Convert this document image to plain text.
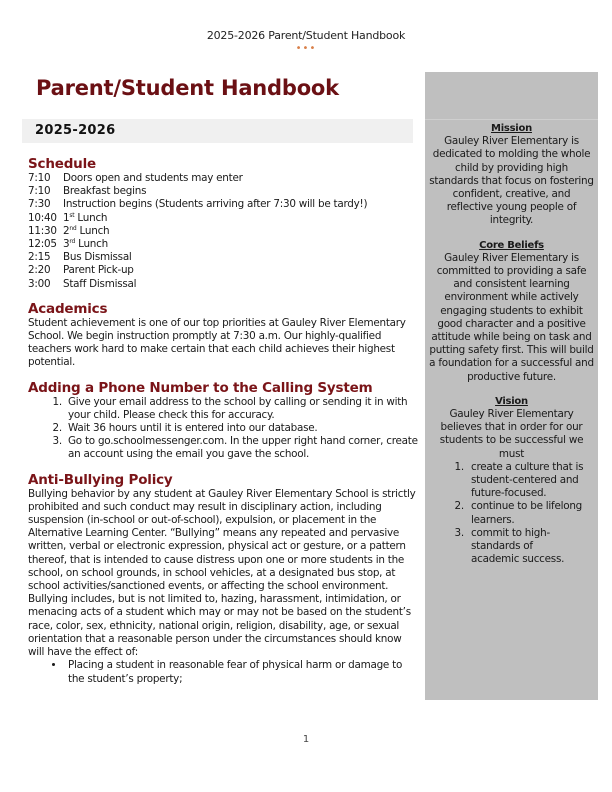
2025-2026 Parent/Student Handbook
•••
Parent/Student Handbook
2025-2026
Schedule
7:10	Doors open and students may enter
7:10	Breakfast begins
7:30	Instruction begins (Students arriving after 7:30 will be tardy!)
10:40 1st Lunch
11:30 2nd Lunch
12:05 3rd Lunch
2:15	Bus Dismissal
2:20	Parent Pick-up
3:00	Staff Dismissal
Academics

Student achievement is one of our top priorities at Gauley River Elementary School. We begin instruction promptly at 7:30 a.m. Our highly-qualified teachers work hard to make certain that each child achieves their highest potential.

Adding a Phone Number to the Calling System
1. Give your email address to the school by calling or sending it in with your child. Please check this for accuracy.
2. Wait 36 hours until it is entered into our database.
3. Go to go.schoolmessenger.com. In the upper right hand corner, create an account using the email you gave the school.
Anti-Bullying Policy

Bullying behavior by any student at Gauley River Elementary School is strictly prohibited and such conduct may result in disciplinary action, including suspension (in-school or out-of-school), expulsion, or placement in the Alternative Learning Center. “Bullying” means any repeated and pervasive written, verbal or electronic expression, physical act or gesture, or a pattern thereof, that is intended to cause distress upon one or more students in the school, on school grounds, in school vehicles, at a designated bus stop, at school activities/sanctioned events, or affecting the school environment. Bullying includes, but is not limited to, hazing, harassment, intimidation, or menacing acts of a student which may or may not be based on the student’s race, color, sex, ethnicity, national origin, religion, disability, age, or sexual orientation that a reasonable person under the circumstances should know will have the effect of:

• Placing a student in reasonable fear of physical harm or damage to the student’s property;
Mission
Gauley River Elementary is dedicated to molding the whole child by providing high standards that focus on fostering confident, creative, and reflective young people of integrity.
Core Beliefs
Gauley River Elementary is committed to providing a safe and consistent learning environment while actively engaging students to exhibit good character and a positive attitude while being on task and putting safety first. This will build a foundation for a successful and productive future.
Vision
Gauley River Elementary believes that in order for our students to be successful we must
1. create a culture that is student-centered and future-focused.
2. continue to be lifelong learners.
3. commit to high-standards of academic success.
1
